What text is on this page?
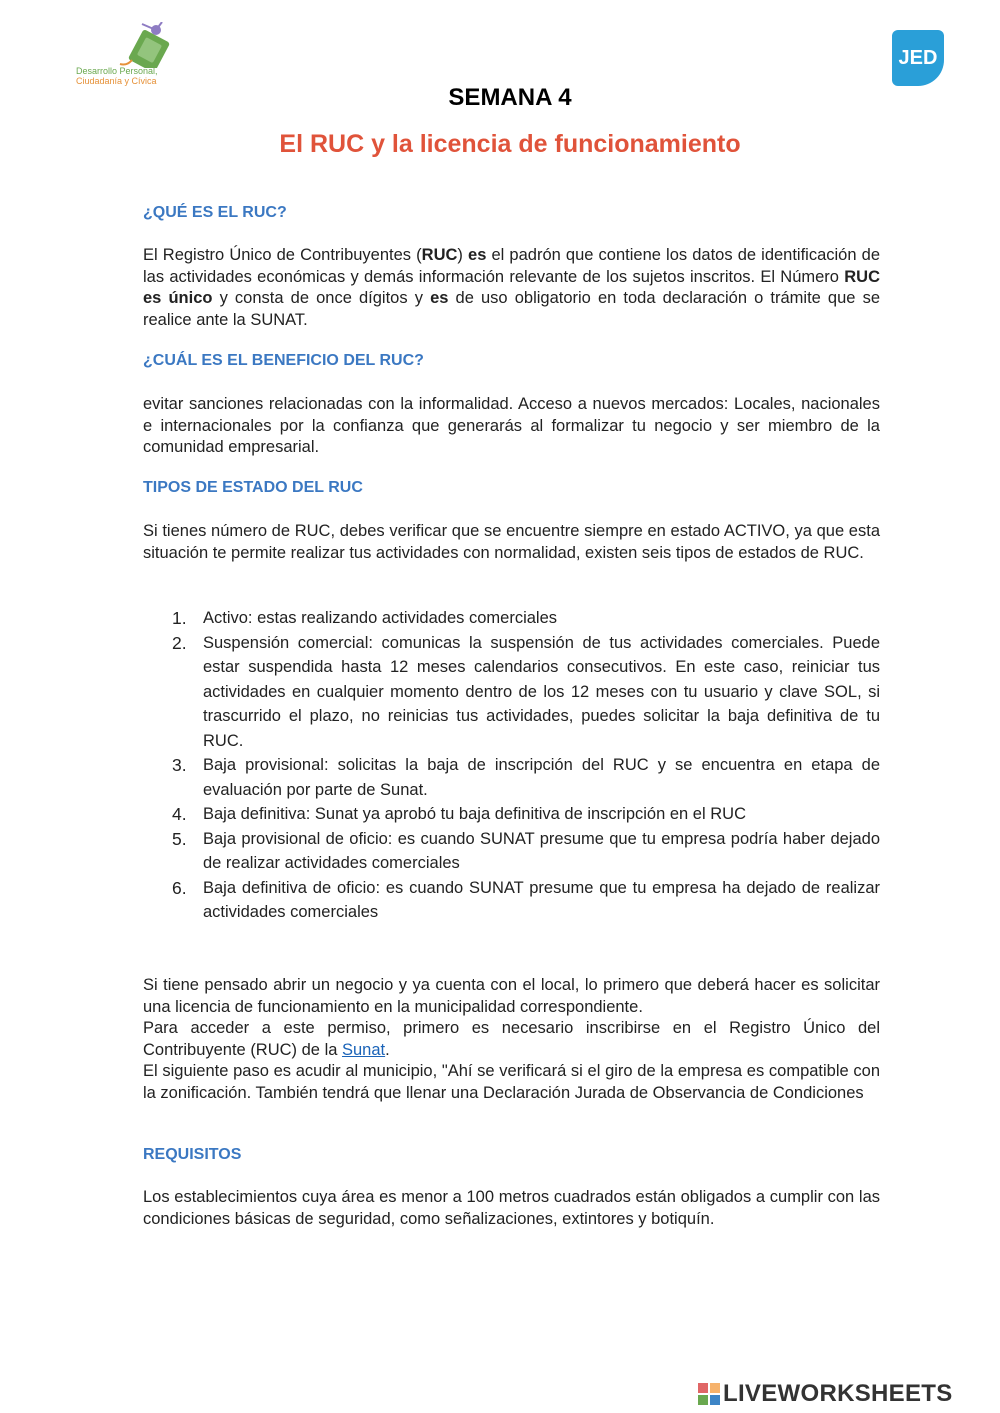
Desarrollo Personal,
Ciudadanía y Cívica
JED
SEMANA 4
El RUC y la licencia de funcionamiento
¿QUÉ ES EL RUC?

El Registro Único de Contribuyentes (RUC) es el padrón que contiene los datos de identificación de las actividades económicas y demás información relevante de los sujetos inscritos. El Número RUC es único y consta de once dígitos y es de uso obligatorio en toda declaración o trámite que se realice ante la SUNAT.

¿CUÁL ES EL BENEFICIO DEL RUC?
evitar sanciones relacionadas con la informalidad. Acceso a nuevos mercados: Locales, nacionales e internacionales por la confianza que generarás al formalizar tu negocio y ser miembro de la comunidad empresarial.
TIPOS DE ESTADO DEL RUC
Si tienes número de RUC, debes verificar que se encuentre siempre en estado ACTIVO, ya que esta situación te permite realizar tus actividades con normalidad, existen seis tipos de estados de RUC.
1. Activo: estas realizando actividades comerciales
2. Suspensión comercial: comunicas la suspensión de tus actividades comerciales. Puede estar suspendida hasta 12 meses calendarios consecutivos. En este caso, reiniciar tus actividades en cualquier momento dentro de los 12 meses con tu usuario y clave SOL, si trascurrido el plazo, no reinicias tus actividades, puedes solicitar la baja definitiva de tu RUC.
3. Baja provisional: solicitas la baja de inscripción del RUC y se encuentra en etapa de evaluación por parte de Sunat.
4. Baja definitiva: Sunat ya aprobó tu baja definitiva de inscripción en el RUC
5. Baja provisional de oficio: es cuando SUNAT presume que tu empresa podría haber dejado de realizar actividades comerciales
6. Baja definitiva de oficio: es cuando SUNAT presume que tu empresa ha dejado de realizar actividades comerciales

Si tiene pensado abrir un negocio y ya cuenta con el local, lo primero que deberá hacer es solicitar una licencia de funcionamiento en la municipalidad correspondiente.

Para acceder a este permiso, primero es necesario inscribirse en el Registro Único del Contribuyente (RUC) de la Sunat.

El siguiente paso es acudir al municipio, "Ahí se verificará si el giro de la empresa es compatible con la zonificación. También tendrá que llenar una Declaración Jurada de Observancia de Condiciones

REQUISITOS
Los establecimientos cuya área es menor a 100 metros cuadrados están obligados a cumplir con las condiciones básicas de seguridad, como señalizaciones, extintores y botiquín.
LIVEWORKSHEETS
